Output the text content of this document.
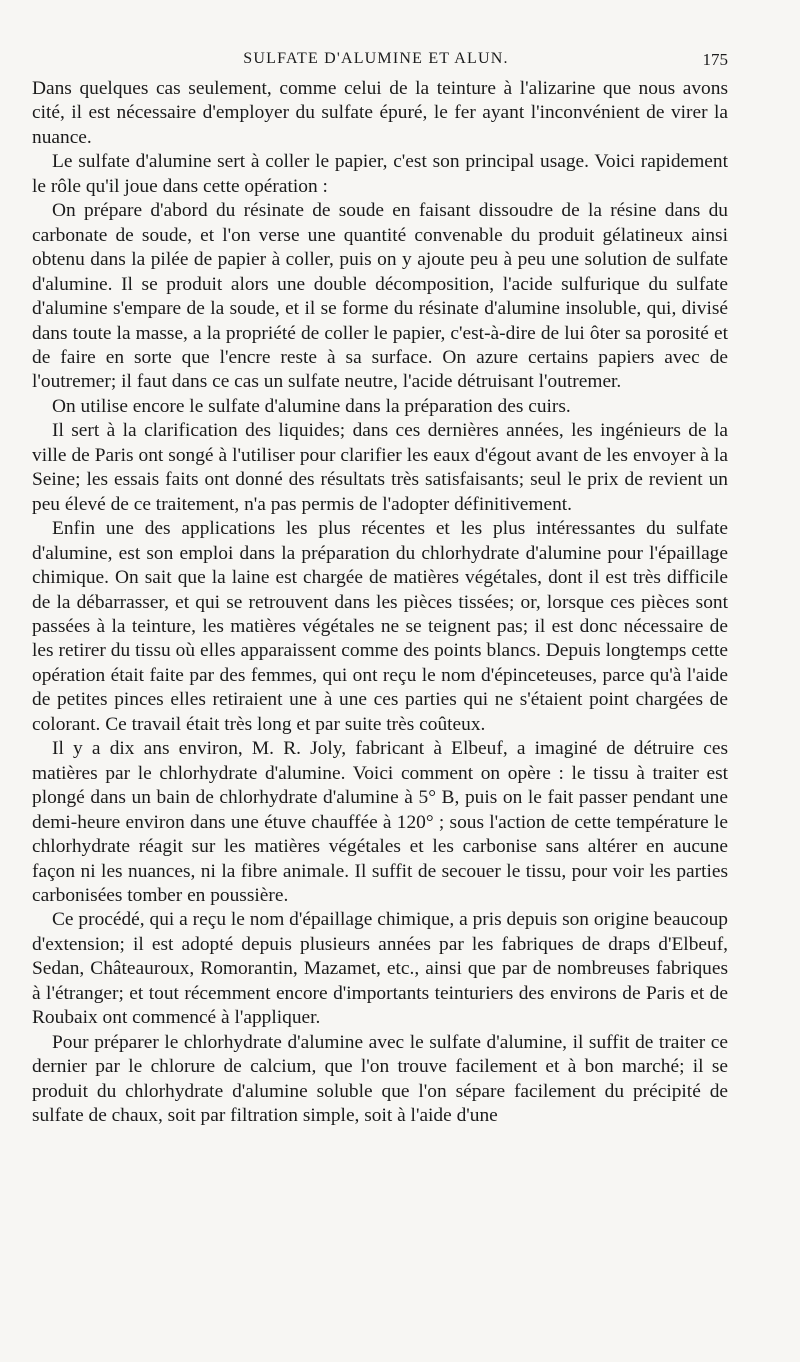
SULFATE D'ALUMINE ET ALUN.	175

Dans quelques cas seulement, comme celui de la teinture à l'alizarine que nous avons cité, il est nécessaire d'employer du sulfate épuré, le fer ayant l'inconvénient de virer la nuance.

Le sulfate d'alumine sert à coller le papier, c'est son principal usage. Voici rapidement le rôle qu'il joue dans cette opération :

On prépare d'abord du résinate de soude en faisant dissoudre de la résine dans du carbonate de soude, et l'on verse une quantité convenable du produit gélatineux ainsi obtenu dans la pilée de papier à coller, puis on y ajoute peu à peu une solution de sulfate d'alumine. Il se produit alors une double décomposition, l'acide sulfurique du sulfate d'alumine s'empare de la soude, et il se forme du résinate d'alumine insoluble, qui, divisé dans toute la masse, a la propriété de coller le papier, c'est-à-dire de lui ôter sa porosité et de faire en sorte que l'encre reste à sa surface. On azure certains papiers avec de l'outremer; il faut dans ce cas un sulfate neutre, l'acide détruisant l'outremer.

On utilise encore le sulfate d'alumine dans la préparation des cuirs.

Il sert à la clarification des liquides; dans ces dernières années, les ingénieurs de la ville de Paris ont songé à l'utiliser pour clarifier les eaux d'égout avant de les envoyer à la Seine; les essais faits ont donné des résultats très satisfaisants; seul le prix de revient un peu élevé de ce traitement, n'a pas permis de l'adopter définitivement.

Enfin une des applications les plus récentes et les plus intéressantes du sulfate d'alumine, est son emploi dans la préparation du chlorhydrate d'alumine pour l'épaillage chimique. On sait que la laine est chargée de matières végétales, dont il est très difficile de la débarrasser, et qui se retrouvent dans les pièces tissées; or, lorsque ces pièces sont passées à la teinture, les matières végétales ne se teignent pas; il est donc nécessaire de les retirer du tissu où elles apparaissent comme des points blancs. Depuis longtemps cette opération était faite par des femmes, qui ont reçu le nom d'épinceteuses, parce qu'à l'aide de petites pinces elles retiraient une à une ces parties qui ne s'étaient point chargées de colorant. Ce travail était très long et par suite très coûteux.

Il y a dix ans environ, M. R. Joly, fabricant à Elbeuf, a imaginé de détruire ces matières par le chlorhydrate d'alumine. Voici comment on opère : le tissu à traiter est plongé dans un bain de chlorhydrate d'alumine à 5° B, puis on le fait passer pendant une demi-heure environ dans une étuve chauffée à 120° ; sous l'action de cette température le chlorhydrate réagit sur les matières végétales et les carbonise sans altérer en aucune façon ni les nuances, ni la fibre animale. Il suffit de secouer le tissu, pour voir les parties carbonisées tomber en poussière.

Ce procédé, qui a reçu le nom d'épaillage chimique, a pris depuis son origine beaucoup d'extension; il est adopté depuis plusieurs années par les fabriques de draps d'Elbeuf, Sedan, Châteauroux, Romorantin, Mazamet, etc., ainsi que par de nombreuses fabriques à l'étranger; et tout récemment encore d'importants teinturiers des environs de Paris et de Roubaix ont commencé à l'appliquer.

Pour préparer le chlorhydrate d'alumine avec le sulfate d'alumine, il suffit de traiter ce dernier par le chlorure de calcium, que l'on trouve facilement et à bon marché; il se produit du chlorhydrate d'alumine soluble que l'on sépare facilement du précipité de sulfate de chaux, soit par filtration simple, soit à l'aide d'une
